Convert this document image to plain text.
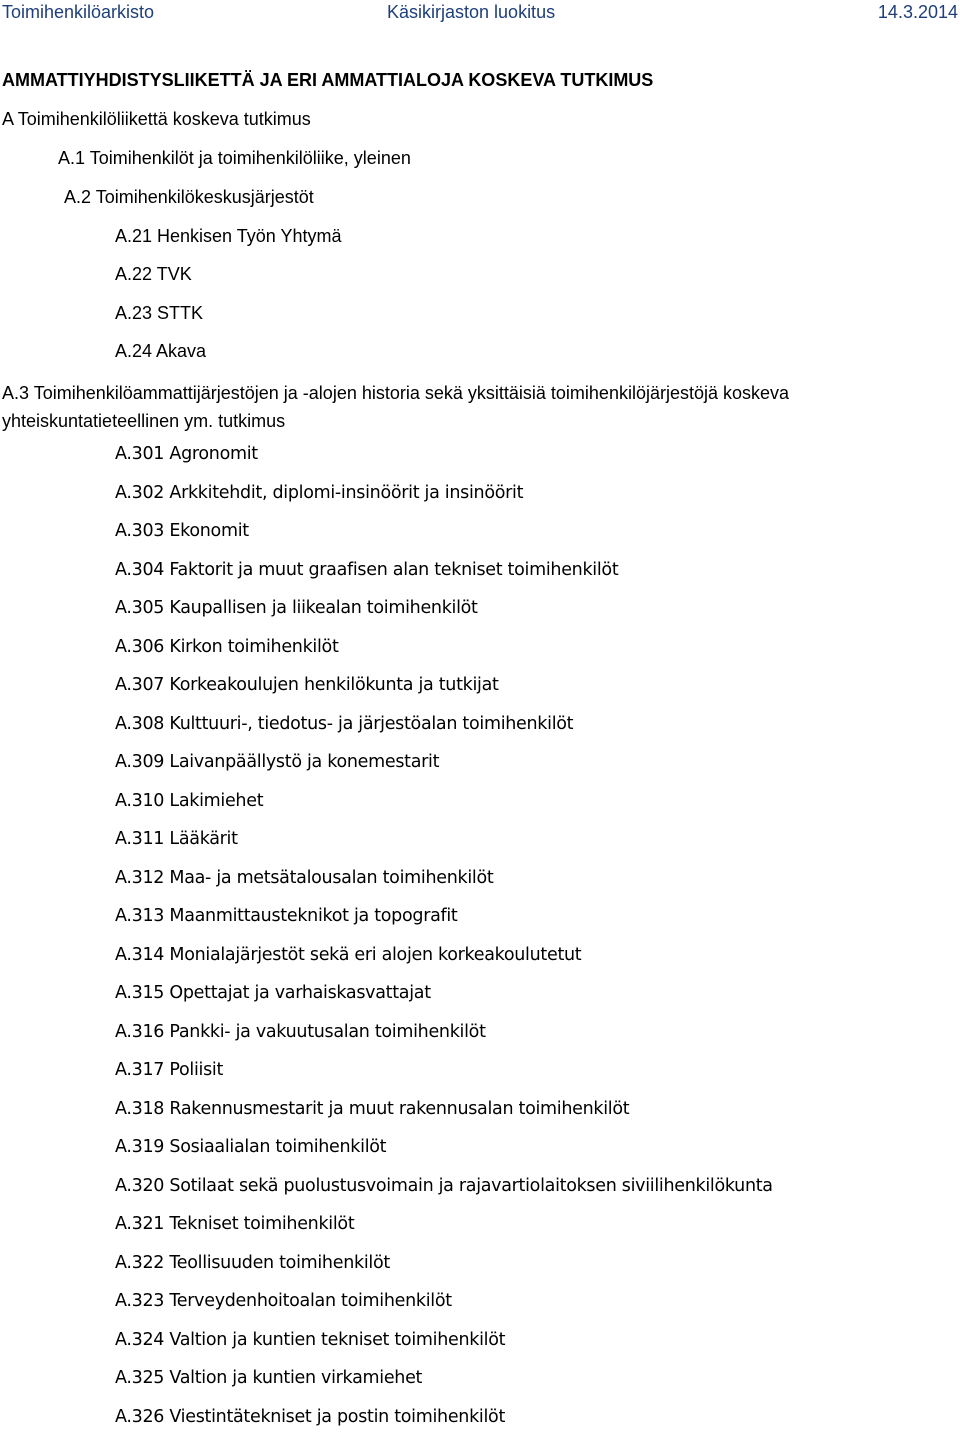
Toimihenkilöarkisto	Käsikirjaston luokitus	14.3.2014
AMMATTIYHDISTYSLIIKETTÄ JA ERI AMMATTIALOJA KOSKEVA TUTKIMUS
A Toimihenkilöliikettä koskeva tutkimus
A.1 Toimihenkilöt ja toimihenkilöliike, yleinen
A.2 Toimihenkilökeskusjärjestöt
A.21 Henkisen Työn Yhtymä
A.22 TVK
A.23 STTK
A.24 Akava
A.3 Toimihenkilöammattijärjestöjen ja -alojen historia sekä yksittäisiä toimihenkilöjärjestöjä koskeva yhteiskuntatieteellinen ym. tutkimus
A.301 Agronomit
A.302 Arkkitehdit, diplomi-insinöörit ja insinöörit
A.303 Ekonomit
A.304 Faktorit ja muut graafisen alan tekniset toimihenkilöt
A.305 Kaupallisen ja liikealan toimihenkilöt
A.306 Kirkon toimihenkilöt
A.307 Korkeakoulujen henkilökunta ja tutkijat
A.308 Kulttuuri-, tiedotus- ja järjestöalan toimihenkilöt
A.309 Laivanpäällystö ja konemestarit
A.310 Lakimiehet
A.311 Lääkärit
A.312 Maa- ja metsätalousalan toimihenkilöt
A.313 Maanmittausteknikot ja topografit
A.314 Monialajärjestöt sekä eri alojen korkeakoulutetut
A.315 Opettajat ja varhaiskasvattajat
A.316 Pankki- ja vakuutusalan toimihenkilöt
A.317 Poliisit
A.318 Rakennusmestarit ja muut rakennusalan toimihenkilöt
A.319 Sosiaalialan toimihenkilöt
A.320 Sotilaat sekä puolustusvoimain ja rajavartiolaitoksen siviilihenkilökunta
A.321 Tekniset toimihenkilöt
A.322 Teollisuuden toimihenkilöt
A.323 Terveydenhoitoalan toimihenkilöt
A.324 Valtion ja kuntien tekniset toimihenkilöt
A.325 Valtion ja kuntien virkamiehet
A.326 Viestintätekniset ja postin toimihenkilöt
